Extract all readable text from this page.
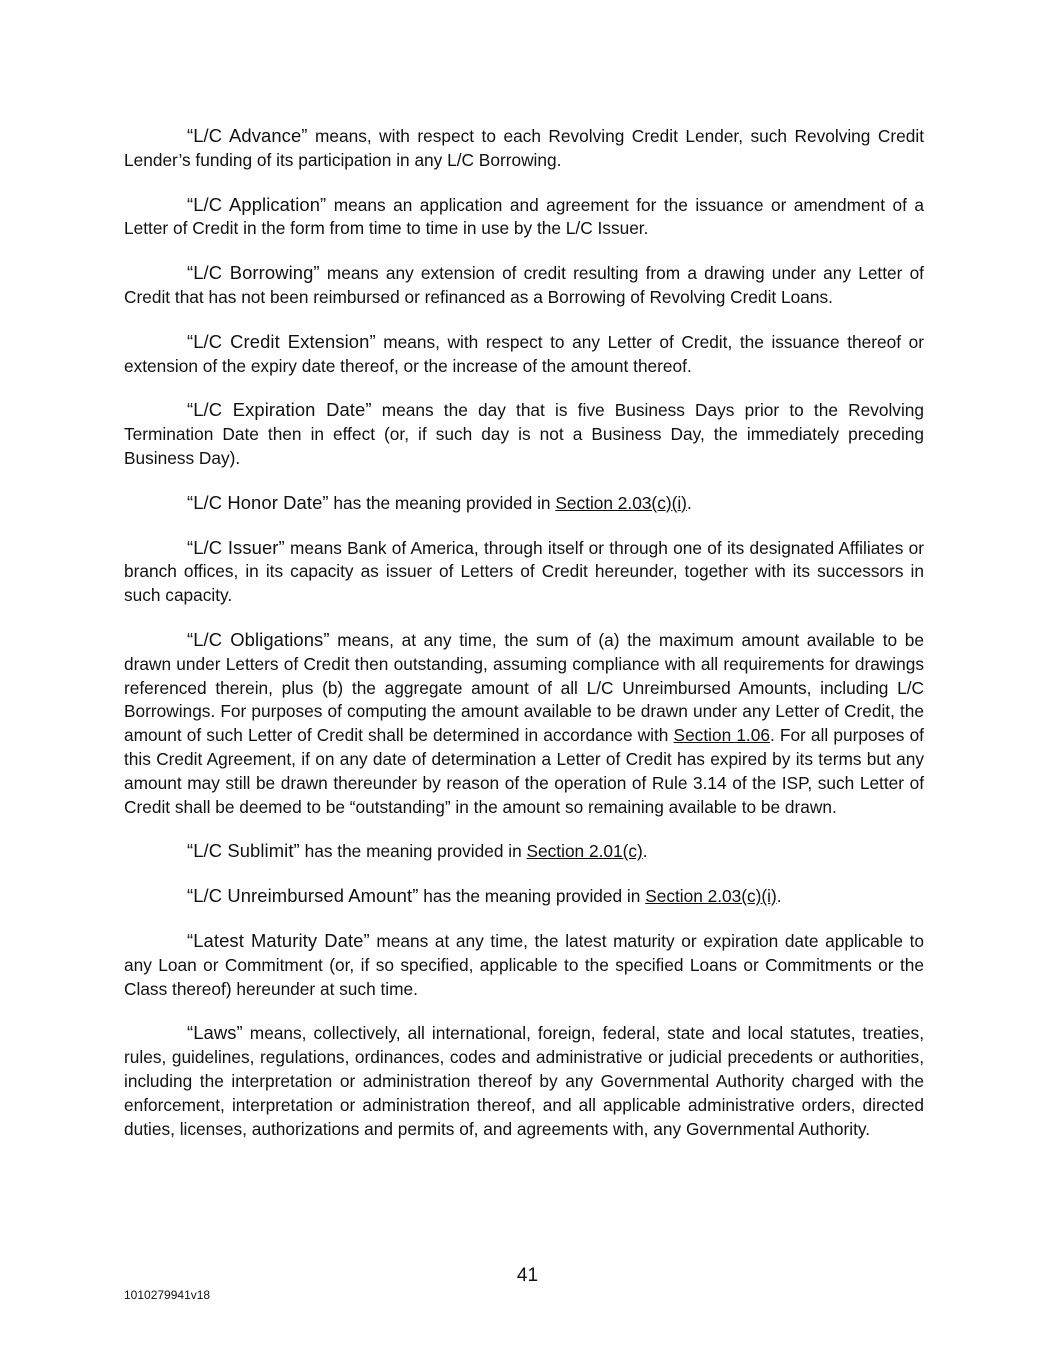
“L/C Advance” means, with respect to each Revolving Credit Lender, such Revolving Credit Lender’s funding of its participation in any L/C Borrowing.

“L/C Application” means an application and agreement for the issuance or amendment of a Letter of Credit in the form from time to time in use by the L/C Issuer.

“L/C Borrowing” means any extension of credit resulting from a drawing under any Letter of Credit that has not been reimbursed or refinanced as a Borrowing of Revolving Credit Loans.

“L/C Credit Extension” means, with respect to any Letter of Credit, the issuance thereof or extension of the expiry date thereof, or the increase of the amount thereof.

“L/C Expiration Date” means the day that is five Business Days prior to the Revolving Termination Date then in effect (or, if such day is not a Business Day, the immediately preceding Business Day).

“L/C Honor Date” has the meaning provided in Section 2.03(c)(i).

“L/C Issuer” means Bank of America, through itself or through one of its designated Affiliates or branch offices, in its capacity as issuer of Letters of Credit hereunder, together with its successors in such capacity.

“L/C Obligations” means, at any time, the sum of (a) the maximum amount available to be drawn under Letters of Credit then outstanding, assuming compliance with all requirements for drawings referenced therein, plus (b) the aggregate amount of all L/C Unreimbursed Amounts, including L/C Borrowings. For purposes of computing the amount available to be drawn under any Letter of Credit, the amount of such Letter of Credit shall be determined in accordance with Section 1.06. For all purposes of this Credit Agreement, if on any date of determination a Letter of Credit has expired by its terms but any amount may still be drawn thereunder by reason of the operation of Rule 3.14 of the ISP, such Letter of Credit shall be deemed to be “outstanding” in the amount so remaining available to be drawn.

“L/C Sublimit” has the meaning provided in Section 2.01(c).

“L/C Unreimbursed Amount” has the meaning provided in Section 2.03(c)(i).

“Latest Maturity Date” means at any time, the latest maturity or expiration date applicable to any Loan or Commitment (or, if so specified, applicable to the specified Loans or Commitments or the Class thereof) hereunder at such time.

“Laws” means, collectively, all international, foreign, federal, state and local statutes, treaties, rules, guidelines, regulations, ordinances, codes and administrative or judicial precedents or authorities, including the interpretation or administration thereof by any Governmental Authority charged with the enforcement, interpretation or administration thereof, and all applicable administrative orders, directed duties, licenses, authorizations and permits of, and agreements with, any Governmental Authority.

41
1010279941v18
